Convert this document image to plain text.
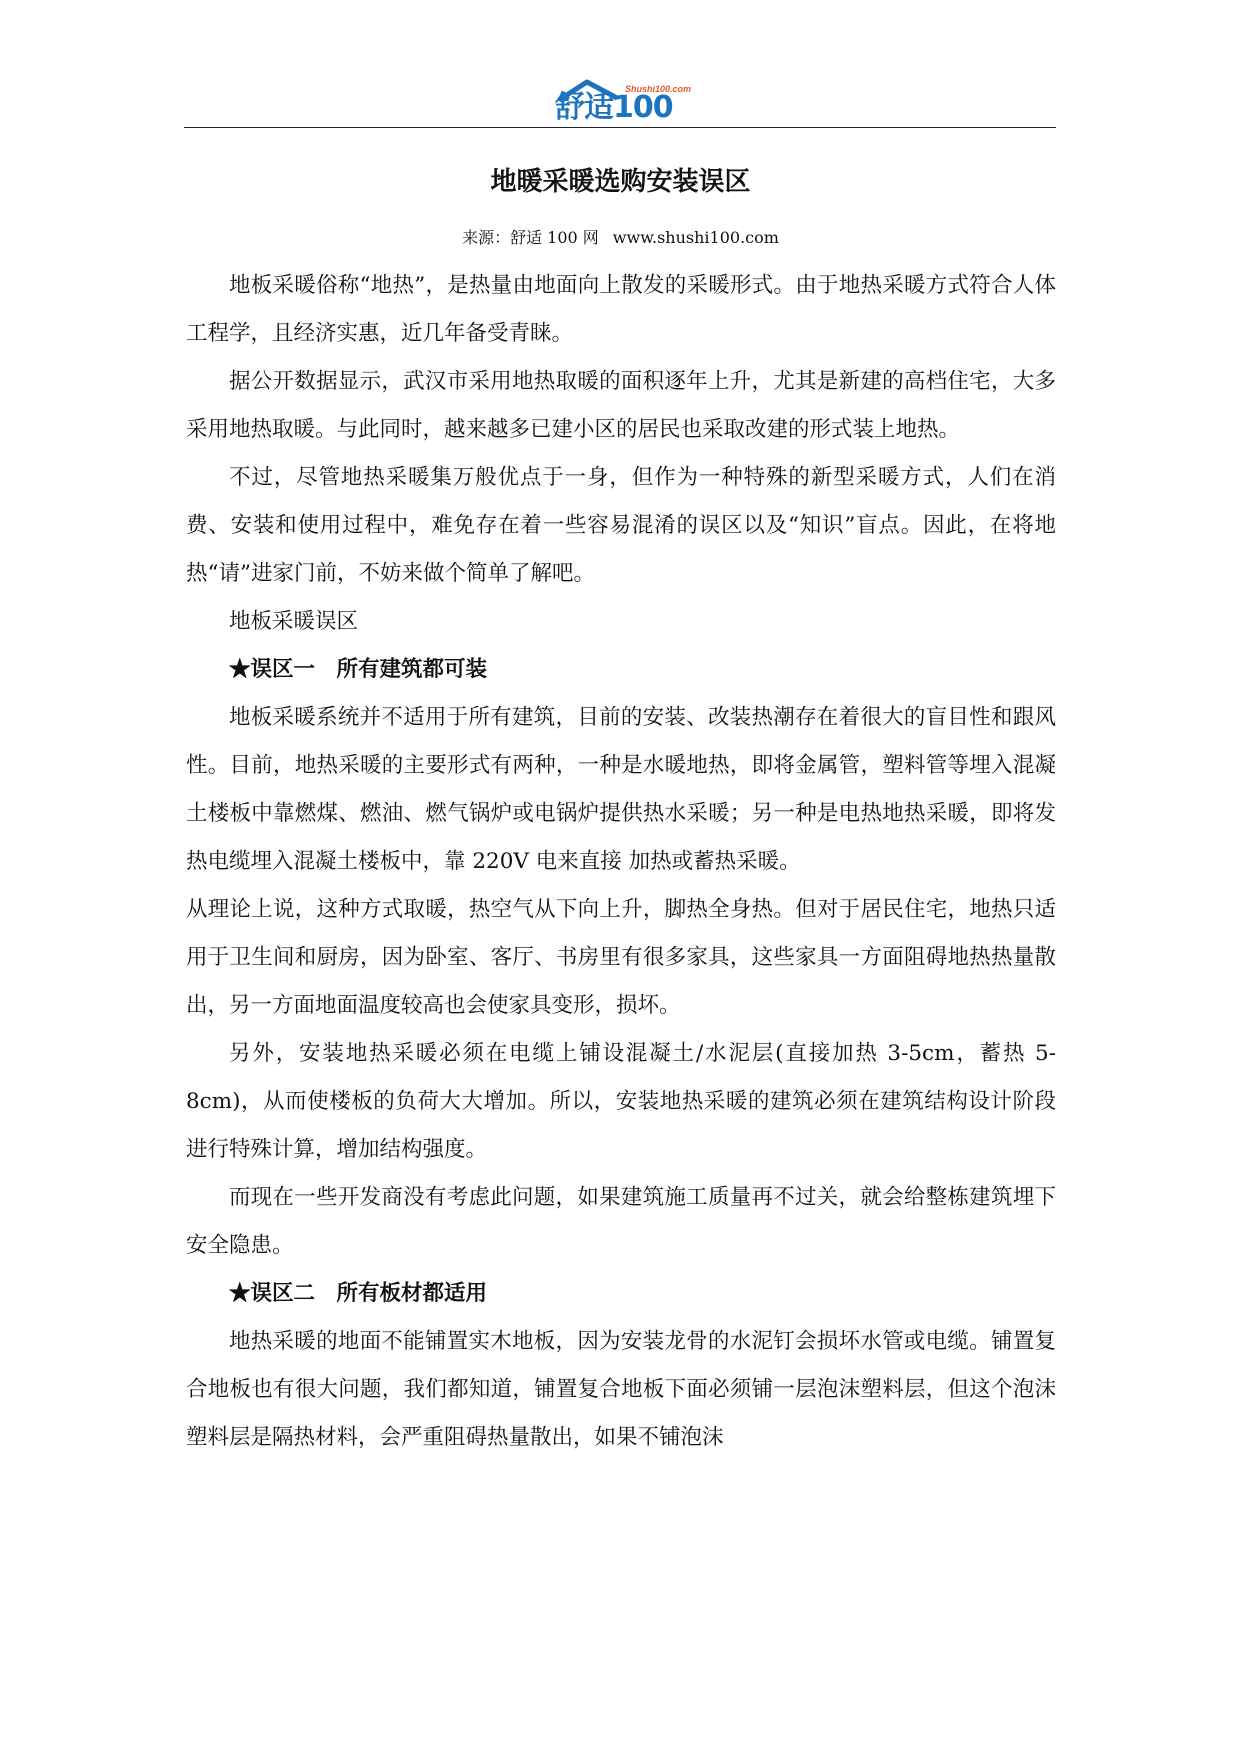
Shushi100.com
舒适100
地暖采暖选购安装误区
来源：舒适 100 网 www.shushi100.com

地板采暖俗称“地热”，是热量由地面向上散发的采暖形式。由于地热采暖方式符合人体工程学，且经济实惠，近几年备受青睐。

据公开数据显示，武汉市采用地热取暖的面积逐年上升，尤其是新建的高档住宅，大多采用地热取暖。与此同时，越来越多已建小区的居民也采取改建的形式装上地热。

不过，尽管地热采暖集万般优点于一身，但作为一种特殊的新型采暖方式，人们在消费、安装和使用过程中，难免存在着一些容易混淆的误区以及“知识”盲点。因此，在将地热“请”进家门前，不妨来做个简单了解吧。

地板采暖误区

★误区一　所有建筑都可装

地板采暖系统并不适用于所有建筑，目前的安装、改装热潮存在着很大的盲目性和跟风性。目前，地热采暖的主要形式有两种，一种是水暖地热，即将金属管，塑料管等埋入混凝土楼板中靠燃煤、燃油、燃气锅炉或电锅炉提供热水采暖；另一种是电热地热采暖，即将发热电缆埋入混凝土楼板中，靠 220V 电来直接 加热或蓄热采暖。

从理论上说，这种方式取暖，热空气从下向上升，脚热全身热。但对于居民住宅，地热只适用于卫生间和厨房，因为卧室、客厅、书房里有很多家具，这些家具一方面阻碍地热热量散出，另一方面地面温度较高也会使家具变形，损坏。

另外，安装地热采暖必须在电缆上铺设混凝土/水泥层(直接加热 3-5cm，蓄热 5-8cm)，从而使楼板的负荷大大增加。所以，安装地热采暖的建筑必须在建筑结构设计阶段进行特殊计算，增加结构强度。

而现在一些开发商没有考虑此问题，如果建筑施工质量再不过关，就会给整栋建筑埋下安全隐患。

★误区二　所有板材都适用

地热采暖的地面不能铺置实木地板，因为安装龙骨的水泥钉会损坏水管或电缆。铺置复合地板也有很大问题，我们都知道，铺置复合地板下面必须铺一层泡沫塑料层，但这个泡沫塑料层是隔热材料，会严重阻碍热量散出，如果不铺泡沫
